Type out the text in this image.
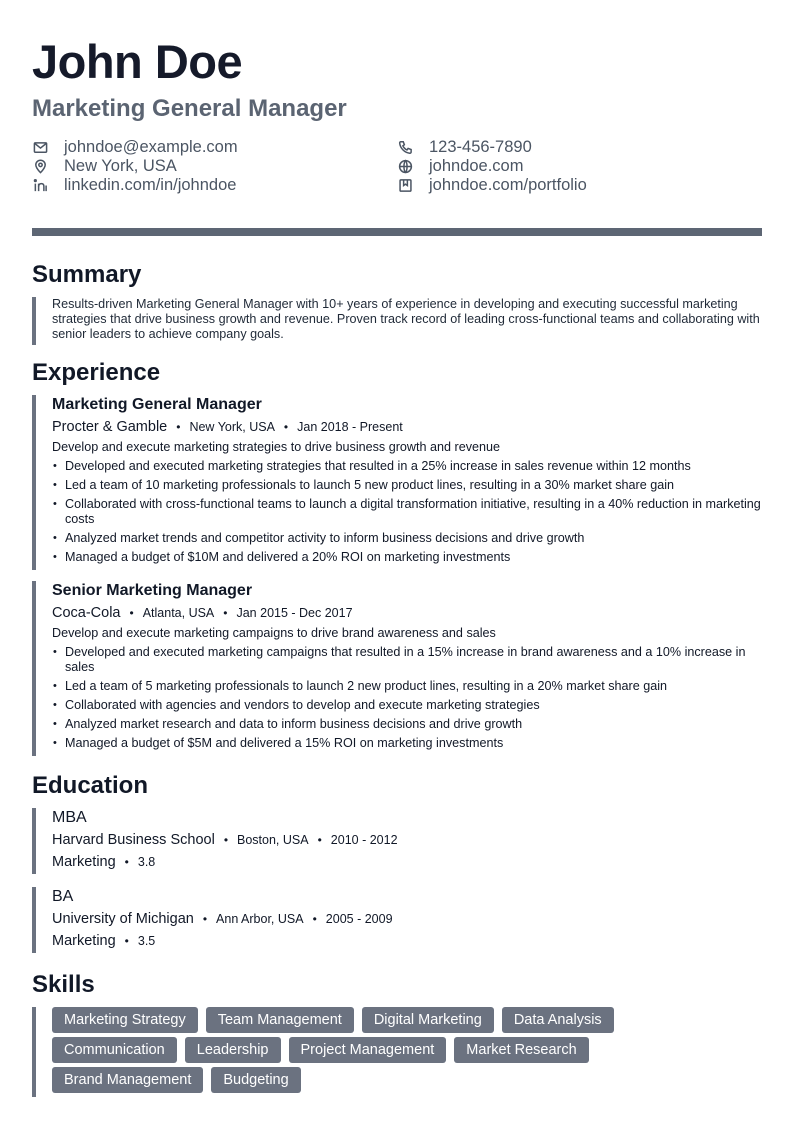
John Doe
Marketing General Manager
johndoe@example.com	123-456-7890
New York, USA	johndoe.com
linkedin.com/in/johndoe	johndoe.com/portfolio
Summary

Results-driven Marketing General Manager with 10+ years of experience in developing and executing successful marketing strategies that drive business growth and revenue. Proven track record of leading cross-functional teams and collaborating with senior leaders to achieve company goals.

Experience
Marketing General Manager
Procter & Gamble • New York, USA • Jan 2018 - Present
Develop and execute marketing strategies to drive business growth and revenue
• Developed and executed marketing strategies that resulted in a 25% increase in sales revenue within 12 months
• Led a team of 10 marketing professionals to launch 5 new product lines, resulting in a 30% market share gain
• Collaborated with cross-functional teams to launch a digital transformation initiative, resulting in a 40% reduction in marketing costs
• Analyzed market trends and competitor activity to inform business decisions and drive growth
• Managed a budget of $10M and delivered a 20% ROI on marketing investments
Senior Marketing Manager
Coca-Cola • Atlanta, USA • Jan 2015 - Dec 2017
Develop and execute marketing campaigns to drive brand awareness and sales
• Developed and executed marketing campaigns that resulted in a 15% increase in brand awareness and a 10% increase in sales
• Led a team of 5 marketing professionals to launch 2 new product lines, resulting in a 20% market share gain
• Collaborated with agencies and vendors to develop and execute marketing strategies
• Analyzed market research and data to inform business decisions and drive growth
• Managed a budget of $5M and delivered a 15% ROI on marketing investments
Education
MBA
Harvard Business School • Boston, USA • 2010 - 2012
Marketing • 3.8
BA
University of Michigan • Ann Arbor, USA • 2005 - 2009
Marketing • 3.5
Skills
Marketing Strategy	Team Management	Digital Marketing	Data Analysis
Communication	Leadership	Project Management	Market Research
Brand Management	Budgeting
